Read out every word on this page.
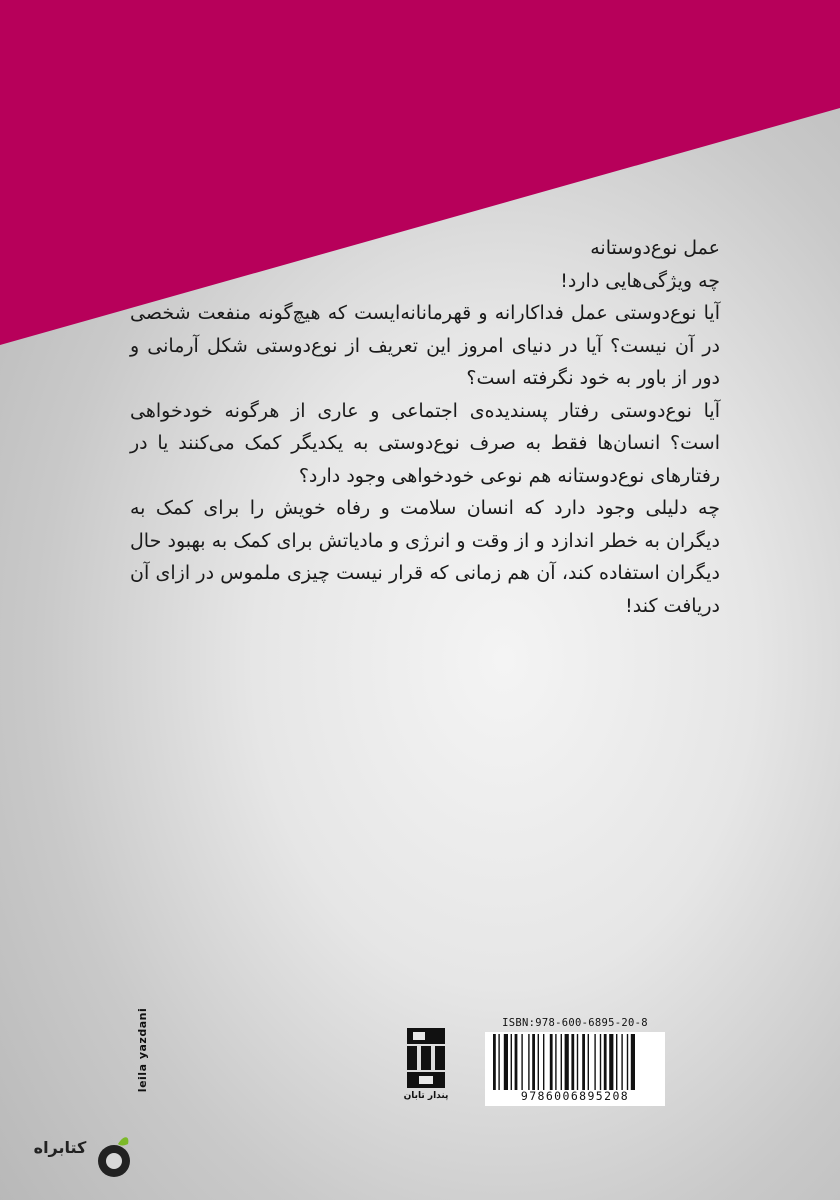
عمل نوع‌دوستانه

چه ویژگی‌هایی دارد!

آیا نوع‌دوستی عمل فداکارانه و قهرمانانه‌ایست که هیچ‌گونه منفعت شخصی در آن نیست؟ آیا در دنیای امروز این تعریف از نوع‌دوستی شکل آرمانی و دور از باور به خود نگرفته است؟

آیا نوع‌دوستی رفتار پسندیده‌ی اجتماعی و عاری از هرگونه خودخواهی است؟ انسان‌ها فقط به صرف نوع‌دوستی به یکدیگر کمک می‌کنند یا در رفتارهای نوع‌دوستانه هم نوعی خودخواهی وجود دارد؟

چه دلیلی وجود دارد که انسان سلامت و رفاه خویش را برای کمک به دیگران به خطر اندازد و از وقت و انرژی و مادیاتش برای کمک به بهبود حال دیگران استفاده کند، آن هم زمانی که قرار نیست چیزی ملموس در ازای آن دریافت کند!

leila yazdani
پندار تابان
ISBN:978-600-6895-20-8
9786006895208
کتابراه
